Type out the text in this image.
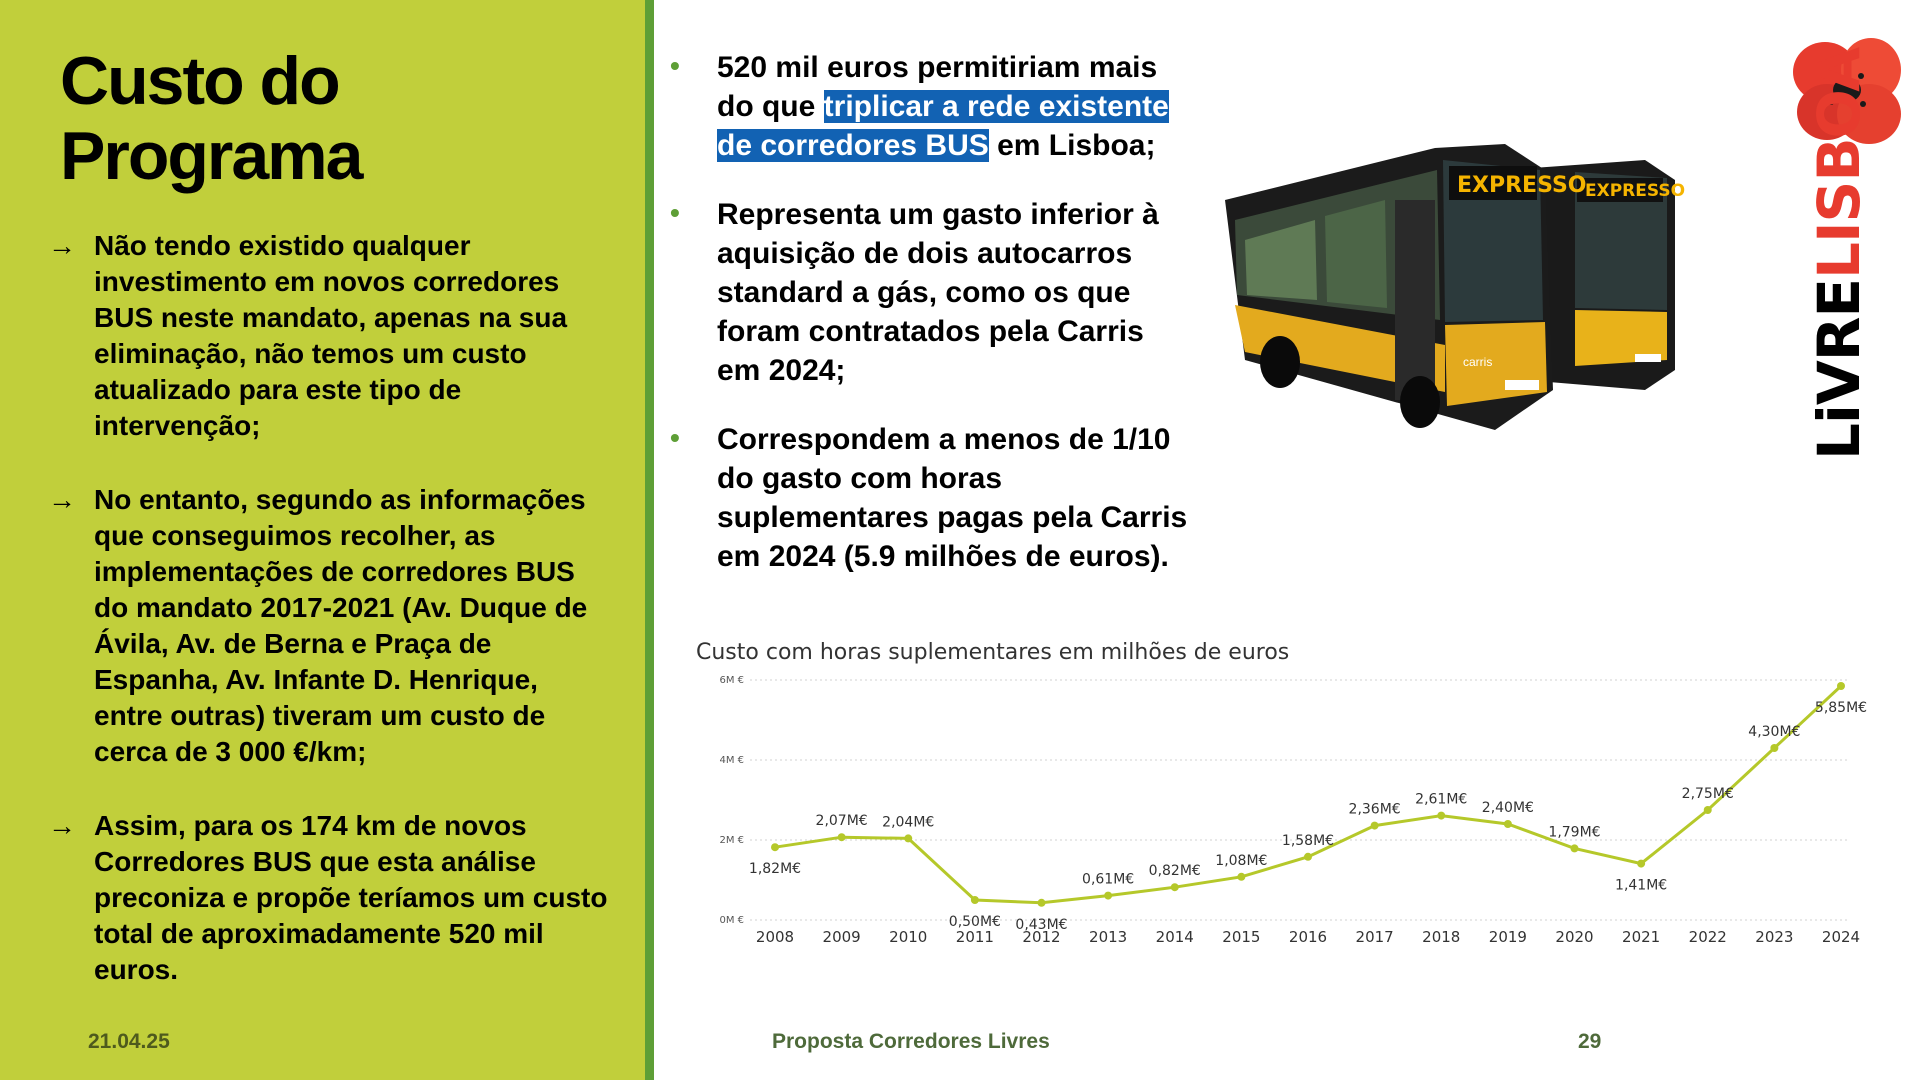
Custo do Programa
→ Não tendo existido qualquer investimento em novos corredores BUS neste mandato, apenas na sua eliminação, não temos um custo atualizado para este tipo de intervenção;
→ No entanto, segundo as informações que conseguimos recolher, as implementações de corredores BUS do mandato 2017-2021 (Av. Duque de Ávila, Av. de Berna e Praça de Espanha, Av. Infante D. Henrique, entre outras) tiveram um custo de cerca de 3 000 €/km;
→ Assim, para os 174 km de novos Corredores BUS que esta análise preconiza e propõe teríamos um custo total de aproximadamente 520 mil euros.
21.04.25
• 520 mil euros permitiriam mais do que triplicar a rede existente de corredores BUS em Lisboa;
• Representa um gasto inferior à aquisição de dois autocarros standard a gás, como os que foram contratados pela Carris em 2024;
• Correspondem a menos de 1/10 do gasto com horas suplementares pagas pela Carris em 2024 (5.9 milhões de euros).
EXPRESSO
EXPRESSO
carris	LiVRELISBOA
Custo com horas suplementares em milhões de euros
0M €
2M €
4M €
6M €
2008 2009 2010 2011 2012 2013 2014 2015 2016 2017 2018 2019 2020 2021 2022 2023 2024
1,82M€
2,07M€ 2,04M€
0,50M€ 0,43M€
0,61M€
0,82M€
1,08M€
1,58M€
2,36M€
2,61M€
2,40M€
1,79M€
1,41M€
2,75M€
4,30M€
5,85M€
Proposta Corredores Livres	29
